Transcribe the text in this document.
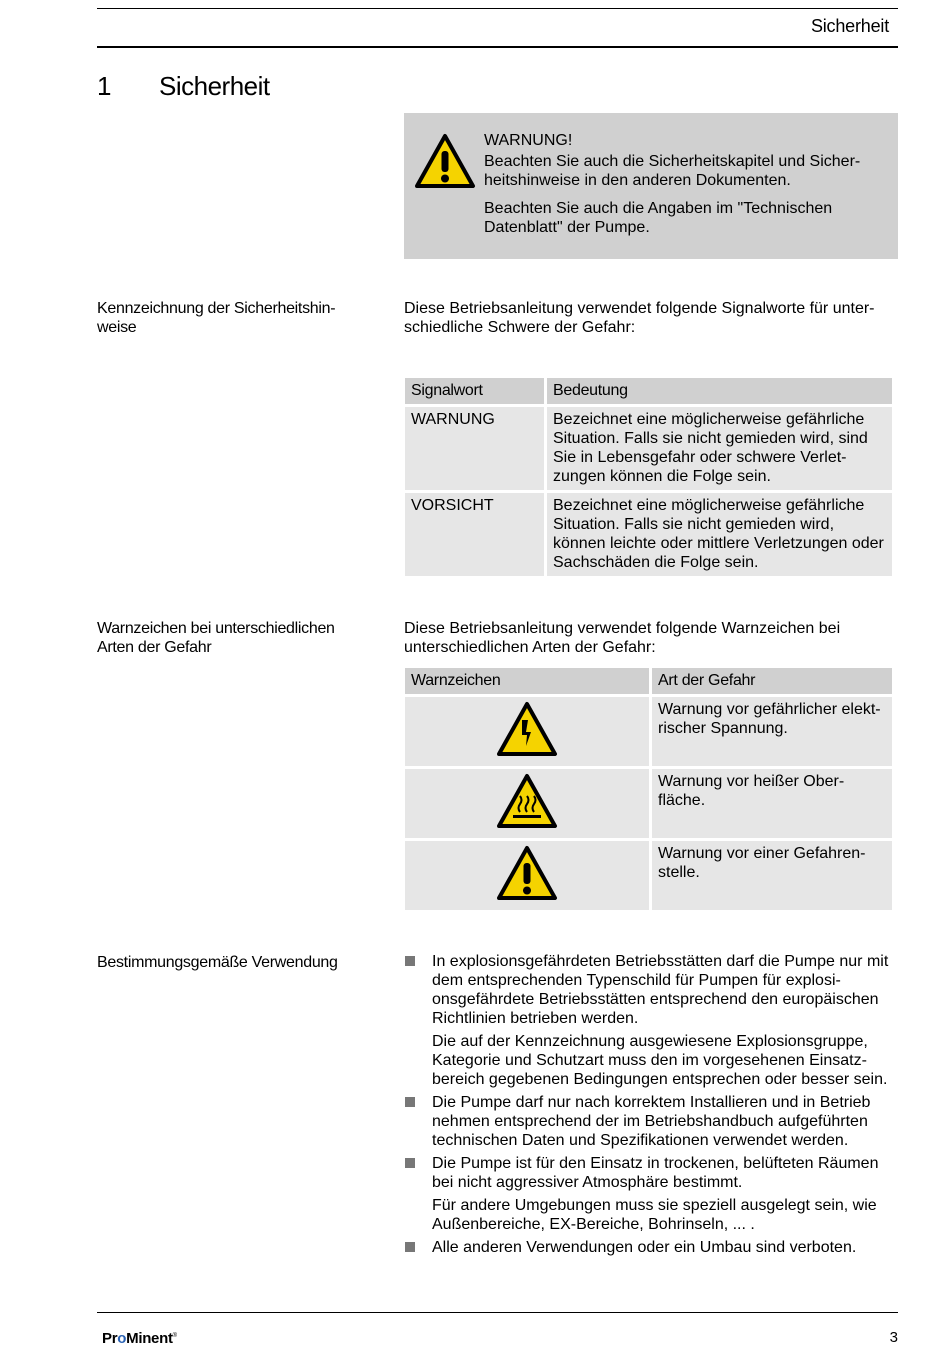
Sicherheit
1 Sicherheit
WARNUNG!

Beachten Sie auch die Sicherheitskapitel und Sicher-heitshinweise in den anderen Dokumenten.

Beachten Sie auch die Angaben im "Technischen Datenblatt" der Pumpe.

Kennzeichnung der Sicherheitshin-weise
Diese Betriebsanleitung verwendet folgende Signalworte für unter-schiedliche Schwere der Gefahr:
Signalwort	Bedeutung
WARNUNG	Bezeichnet eine möglicherweise gefährliche Situation. Falls sie nicht gemieden wird, sind Sie in Lebensgefahr oder schwere Verlet-zungen können die Folge sein.
VORSICHT	Bezeichnet eine möglicherweise gefährliche Situation. Falls sie nicht gemieden wird, können leichte oder mittlere Verletzungen oder Sachschäden die Folge sein.
Warnzeichen bei unterschiedlichen Arten der Gefahr
Diese Betriebsanleitung verwendet folgende Warnzeichen bei unterschiedlichen Arten der Gefahr:
Warnzeichen	Art der Gefahr
	Warnung vor gefährlicher elekt-rischer Spannung.
	Warnung vor heißer Ober-fläche.
	Warnung vor einer Gefahren-stelle.
Bestimmungsgemäße Verwendung	In explosionsgefährdeten Betriebsstätten darf die Pumpe nur mit dem entsprechenden Typenschild für Pumpen für explosi-onsgefährdete Betriebsstätten entsprechend den europäischen Richtlinien betrieben werden.

Die auf der Kennzeichnung ausgewiesene Explosionsgruppe, Kategorie und Schutzart muss den im vorgesehenen Einsatz-bereich gegebenen Bedingungen entsprechen oder besser sein.

Die Pumpe darf nur nach korrektem Installieren und in Betrieb nehmen entsprechend der im Betriebshandbuch aufgeführten technischen Daten und Spezifikationen verwendet werden.

Die Pumpe ist für den Einsatz in trockenen, belüfteten Räumen bei nicht aggressiver Atmosphäre bestimmt.

Für andere Umgebungen muss sie speziell ausgelegt sein, wie Außenbereiche, EX-Bereiche, Bohrinseln, ... .

Alle anderen Verwendungen oder ein Umbau sind verboten.

ProMinent®	3
